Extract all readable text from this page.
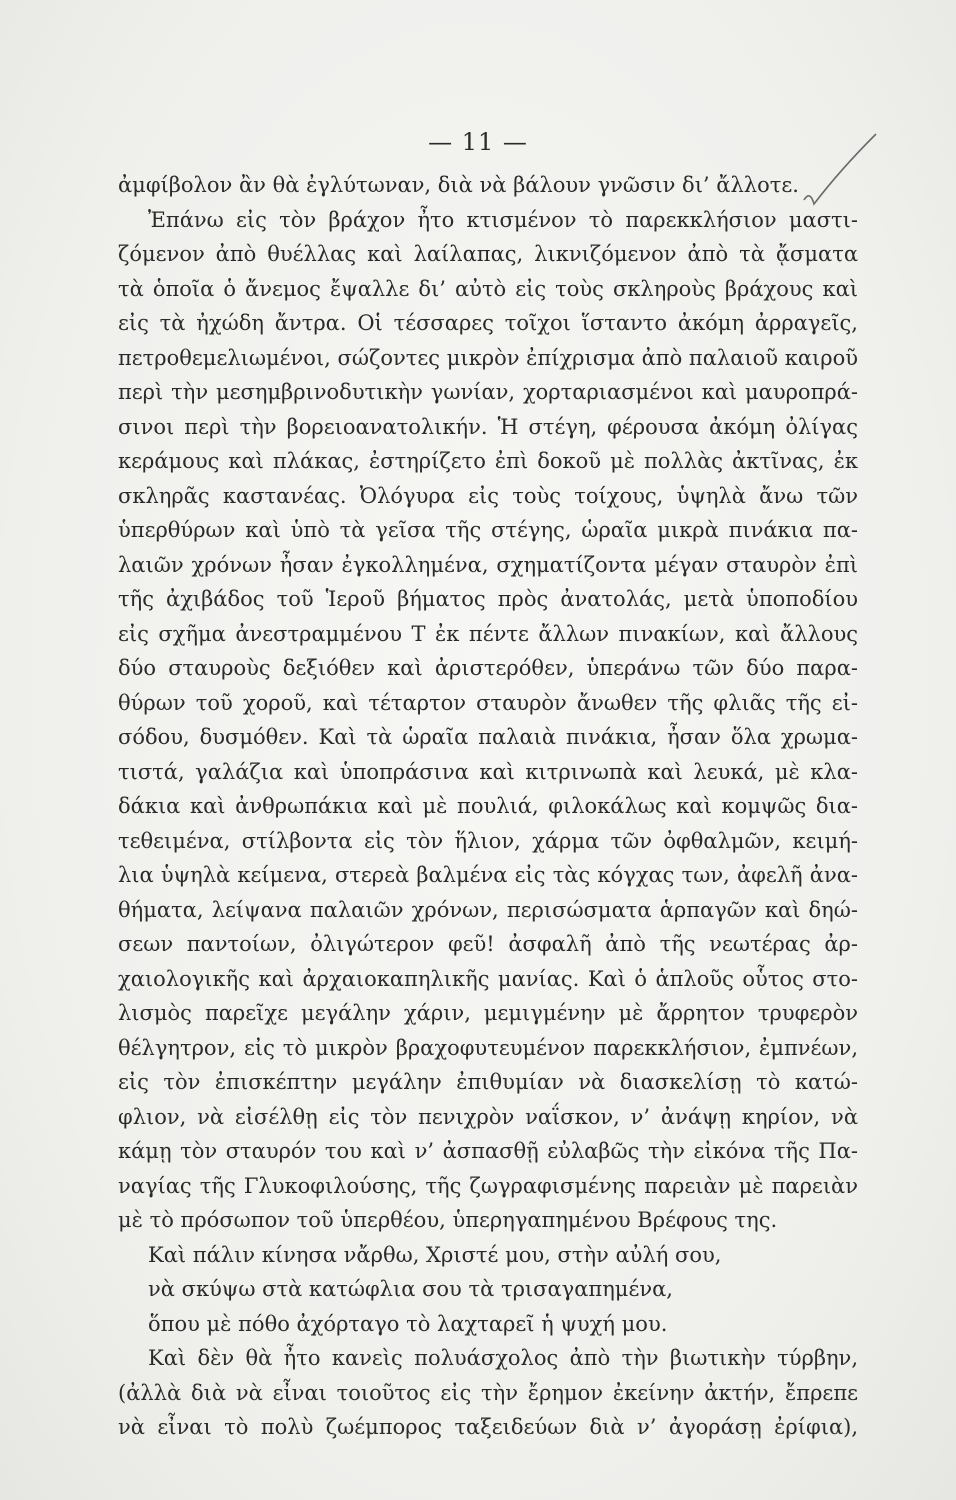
— 11 —
ἀμφίβολον ἂν θὰ ἐγλύτωναν, διὰ νὰ βάλουν γνῶσιν δι’ ἄλλοτε.
Ἐπάνω εἰς τὸν βράχον ἦτο κτισμένον τὸ παρεκκλήσιον μαστι-
ζόμενον ἀπὸ θυέλλας καὶ λαίλαπας, λικνιζόμενον ἀπὸ τὰ ᾄσματα
τὰ ὁποῖα ὁ ἄνεμος ἔψαλλε δι’ αὐτὸ εἰς τοὺς σκληροὺς βράχους καὶ
εἰς τὰ ἠχώδη ἄντρα. Οἱ τέσσαρες τοῖχοι ἵσταντο ἀκόμη ἀρραγεῖς,
πετροθεμελιωμένοι, σώζοντες μικρὸν ἐπίχρισμα ἀπὸ παλαιοῦ καιροῦ
περὶ τὴν μεσημβρινοδυτικὴν γωνίαν, χορταριασμένοι καὶ μαυροπρά-
σινοι περὶ τὴν βορειοανατολικήν. Ἡ στέγη, φέρουσα ἀκόμη ὀλίγας
κεράμους καὶ πλάκας, ἐστηρίζετο ἐπὶ δοκοῦ μὲ πολλὰς ἀκτῖνας, ἐκ
σκληρᾶς καστανέας. Ὀλόγυρα εἰς τοὺς τοίχους, ὑψηλὰ ἄνω τῶν
ὑπερθύρων καὶ ὑπὸ τὰ γεῖσα τῆς στέγης, ὡραῖα μικρὰ πινάκια πα-
λαιῶν χρόνων ἦσαν ἐγκολλημένα, σχηματίζοντα μέγαν σταυρὸν ἐπὶ
τῆς ἀχιβάδος τοῦ Ἱεροῦ βήματος πρὸς ἀνατολάς, μετὰ ὑποποδίου
εἰς σχῆμα ἀνεστραμμένου Τ ἐκ πέντε ἄλλων πινακίων, καὶ ἄλλους
δύο σταυροὺς δεξιόθεν καὶ ἀριστερόθεν, ὑπεράνω τῶν δύο παρα-
θύρων τοῦ χοροῦ, καὶ τέταρτον σταυρὸν ἄνωθεν τῆς φλιᾶς τῆς εἰ-
σόδου, δυσμόθεν. Καὶ τὰ ὡραῖα παλαιὰ πινάκια, ἦσαν ὅλα χρωμα-
τιστά, γαλάζια καὶ ὑποπράσινα καὶ κιτρινωπὰ καὶ λευκά, μὲ κλα-
δάκια καὶ ἀνθρωπάκια καὶ μὲ πουλιά, φιλοκάλως καὶ κομψῶς δια-
τεθειμένα, στίλβοντα εἰς τὸν ἥλιον, χάρμα τῶν ὀφθαλμῶν, κειμή-
λια ὑψηλὰ κείμενα, στερεὰ βαλμένα εἰς τὰς κόγχας των, ἀφελῆ ἀνα-
θήματα, λείψανα παλαιῶν χρόνων, περισώσματα ἁρπαγῶν καὶ δηώ-
σεων παντοίων, ὀλιγώτερον φεῦ! ἀσφαλῆ ἀπὸ τῆς νεωτέρας ἀρ-
χαιολογικῆς καὶ ἀρχαιοκαπηλικῆς μανίας. Καὶ ὁ ἁπλοῦς οὗτος στο-
λισμὸς παρεῖχε μεγάλην χάριν, μεμιγμένην μὲ ἄρρητον τρυφερὸν
θέλγητρον, εἰς τὸ μικρὸν βραχοφυτευμένον παρεκκλήσιον, ἐμπνέων,
εἰς τὸν ἐπισκέπτην μεγάλην ἐπιθυμίαν νὰ διασκελίσῃ τὸ κατώ-
φλιον, νὰ εἰσέλθῃ εἰς τὸν πενιχρὸν ναΐσκον, ν’ ἀνάψῃ κηρίον, νὰ
κάμῃ τὸν σταυρόν του καὶ ν’ ἀσπασθῇ εὐλαβῶς τὴν εἰκόνα τῆς Πα-
ναγίας τῆς Γλυκοφιλούσης, τῆς ζωγραφισμένης παρειὰν μὲ παρειὰν
μὲ τὸ πρόσωπον τοῦ ὑπερθέου, ὑπερηγαπημένου Βρέφους της.
Καὶ πάλιν κίνησα νἄρθω, Χριστέ μου, στὴν αὐλή σου,
νὰ σκύψω στὰ κατώφλια σου τὰ τρισαγαπημένα,
ὅπου μὲ πόθο ἀχόρταγο τὸ λαχταρεῖ ἡ ψυχή μου.
Καὶ δὲν θὰ ἦτο κανεὶς πολυάσχολος ἀπὸ τὴν βιωτικὴν τύρβην,
(ἀλλὰ διὰ νὰ εἶναι τοιοῦτος εἰς τὴν ἔρημον ἐκείνην ἀκτήν, ἔπρεπε
νὰ εἶναι τὸ πολὺ ζωέμπορος ταξειδεύων διὰ ν’ ἀγοράσῃ ἐρίφια),
